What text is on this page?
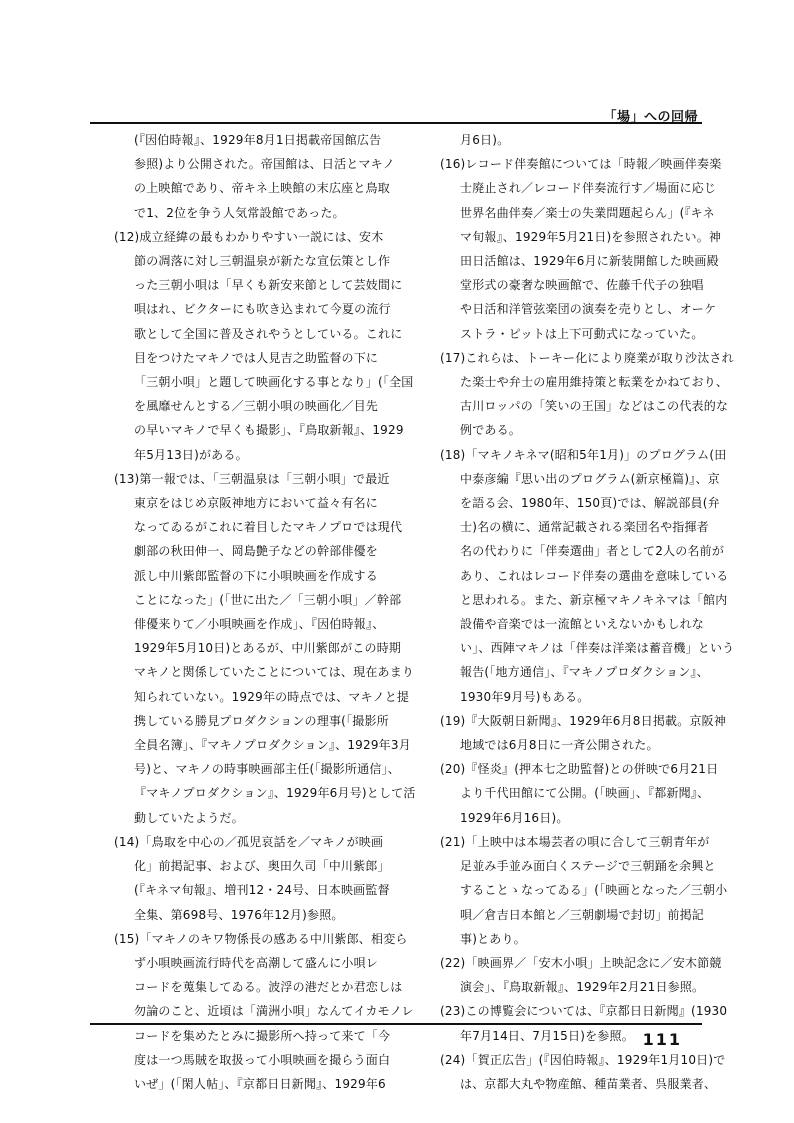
「場」への回帰
(『因伯時報』、1929年8月1日掲載帝国館広告
参照)より公開された。帝国館は、日活とマキノ
の上映館であり、帝キネ上映館の末広座と鳥取
で1、2位を争う人気常設館であった。
(12)成立経緯の最もわかりやすい一説には、安木
節の凋落に対し三朝温泉が新たな宣伝策とし作
った三朝小唄は「早くも新安来節として芸妓間に
唄はれ、ビクターにも吹き込まれて今夏の流行
歌として全国に普及されやうとしている。これに
目をつけたマキノでは人見吉之助監督の下に
「三朝小唄」と題して映画化する事となり」(「全国
を風靡せんとする／三朝小唄の映画化／目先
の早いマキノで早くも撮影」、『鳥取新報』、1929
年5月13日)がある。
(13)第一報では、「三朝温泉は「三朝小唄」で最近
東京をはじめ京阪神地方において益々有名に
なってゐるがこれに着目したマキノプロでは現代
劇部の秋田伸一、岡島艶子などの幹部俳優を
派し中川紫郎監督の下に小唄映画を作成する
ことになった」(「世に出た／「三朝小唄」／幹部
俳優来りて／小唄映画を作成」、『因伯時報』、
1929年5月10日)とあるが、中川紫郎がこの時期
マキノと関係していたことについては、現在あまり
知られていない。1929年の時点では、マキノと提
携している勝見プロダクションの理事(「撮影所
全員名簿」、『マキノプロダクション』、1929年3月
号)と、マキノの時事映画部主任(「撮影所通信」、
『マキノプロダクション』、1929年6月号)として活
動していたようだ。
(14)「鳥取を中心の／孤児哀話を／マキノが映画
化」前掲記事、および、奥田久司「中川紫郎」
(『キネマ旬報』、増刊12・24号、日本映画監督
全集、第698号、1976年12月)参照。
(15)「マキノのキワ物係長の感ある中川紫郎、相変ら
ず小唄映画流行時代を高潮して盛んに小唄レ
コードを蒐集してゐる。波浮の港だとか君恋しは
勿論のこと、近頃は「満洲小唄」なんてイカモノレ
コードを集めたとみに撮影所へ持って来て「今
度は一つ馬賊を取扱って小唄映画を撮らう面白
いぜ」(「閑人帖」、『京都日日新聞』、1929年6
月6日)。
(16)レコード伴奏館については「時報／映画伴奏楽
士廃止され／レコード伴奏流行す／場面に応じ
世界名曲伴奏／楽士の失業問題起らん」(『キネ
マ旬報』、1929年5月21日)を参照されたい。神
田日活館は、1929年6月に新装開館した映画殿
堂形式の豪奢な映画館で、佐藤千代子の独唱
や日活和洋管弦楽団の演奏を売りとし、オーケ
ストラ・ピットは上下可動式になっていた。
(17)これらは、トーキー化により廃業が取り沙汰され
た楽士や弁士の雇用維持策と転業をかねており、
古川ロッパの「笑いの王国」などはこの代表的な
例である。
(18)「マキノキネマ(昭和5年1月)」のプログラム(田
中泰彦編『思い出のプログラム(新京極篇)』、京
を語る会、1980年、150頁)では、解説部員(弁
士)名の横に、通常記載される楽団名や指揮者
名の代わりに「伴奏選曲」者として2人の名前が
あり、これはレコード伴奏の選曲を意味している
と思われる。また、新京極マキノキネマは「館内
設備や音楽では一流館といえないかもしれな
い」、西陣マキノは「伴奏は洋楽は蓄音機」という
報告(「地方通信」、『マキノプロダクション』、
1930年9月号)もある。
(19)『大阪朝日新聞』、1929年6月8日掲載。京阪神
地域では6月8日に一斉公開された。
(20)『怪炎』(押本七之助監督)との併映で6月21日
より千代田館にて公開。(「映画」、『都新聞』、
1929年6月16日)。
(21)「上映中は本場芸者の唄に合して三朝青年が
足並み手並み面白くステージで三朝踊を余興と
することゝなってゐる」(「映画となった／三朝小
唄／倉吉日本館と／三朝劇場で封切」前掲記
事)とあり。
(22)「映画界／「安木小唄」上映記念に／安木節競
演会」、『鳥取新報』、1929年2月21日参照。
(23)この博覧会については、『京都日日新聞』(1930
年7月14日、7月15日)を参照。
(24)「賀正広告」(『因伯時報』、1929年1月10日)で
は、京都大丸や物産館、種苗業者、呉服業者、
111
